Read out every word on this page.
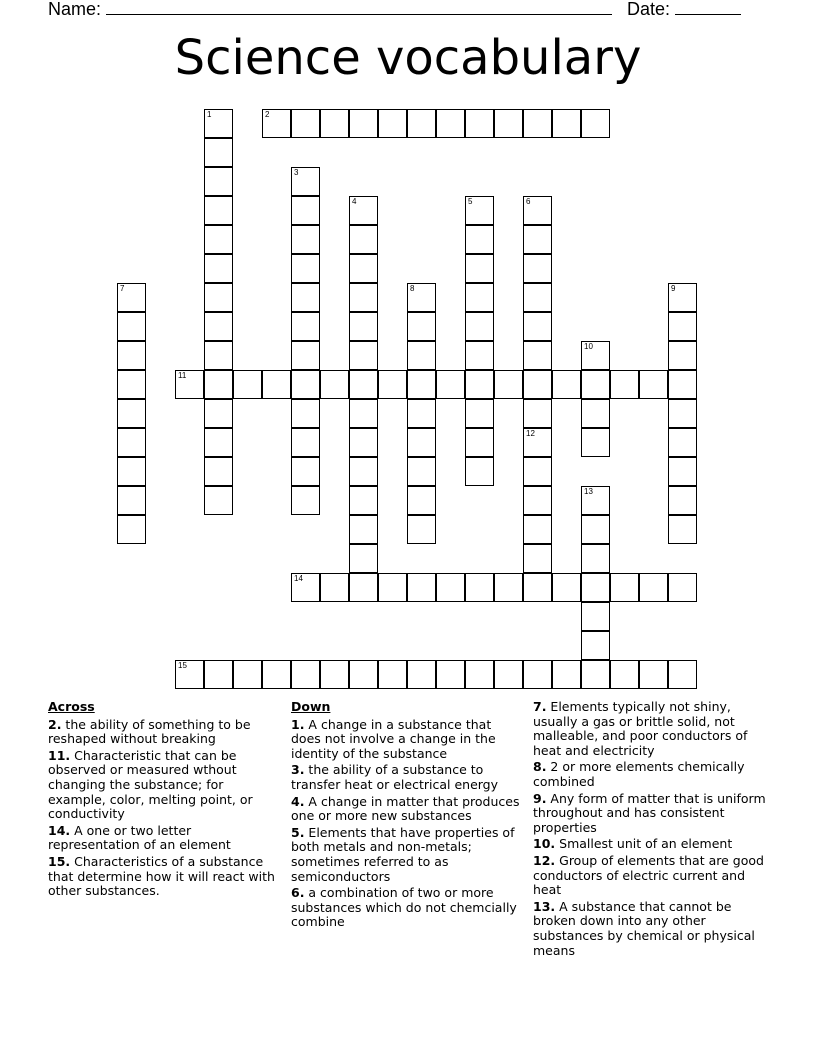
Name:	Date:
Science vocabulary
1	2
3
4	5	6
12
7	8	9
10
11
13
14
15
Across
2. the ability of something to be reshaped without breaking
11. Characteristic that can be observed or measured wthout changing the substance; for example, color, melting point, or conductivity
14. A one or two letter representation of an element
15. Characteristics of a substance that determine how it will react with other substances.
Down
1. A change in a substance that does not involve a change in the identity of the substance
3. the ability of a substance to transfer heat or electrical energy
4. A change in matter that produces one or more new substances
5. Elements that have properties of both metals and non-metals; sometimes referred to as semiconductors
6. a combination of two or more substances which do not chemcially combine
7. Elements typically not shiny, usually a gas or brittle solid, not malleable, and poor conductors of heat and electricity
8. 2 or more elements chemically combined
9. Any form of matter that is uniform throughout and has consistent properties
10. Smallest unit of an element
12. Group of elements that are good conductors of electric current and heat
13. A substance that cannot be broken down into any other substances by chemical or physical means
